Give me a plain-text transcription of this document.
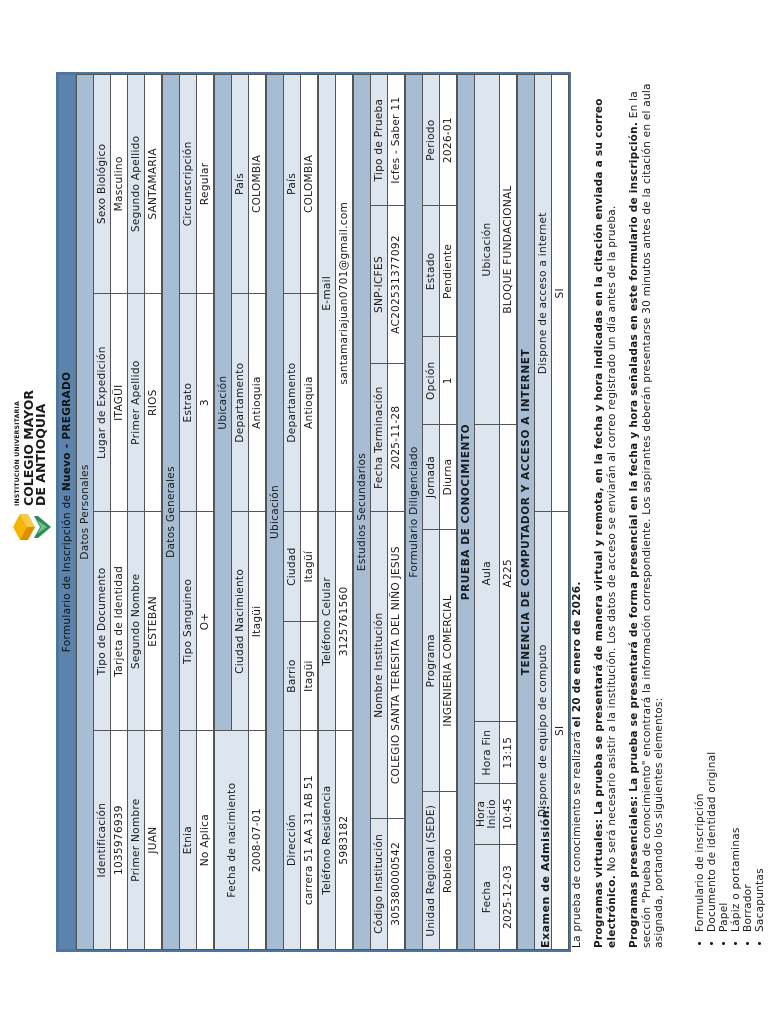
INSTITUCIÓN UNIVERSITARIA COLEGIO MAYOR
DE ANTIOQUIA
Formulario de Inscripción de Nuevo - PREGRADO
Datos Personales			
Identificación	Tipo de Documento	Lugar de Expedición	Sexo Biológico
1035976939	Tarjeta de Identidad	ITAGÜI	Masculino
Primer Nombre	Segundo Nombre	Primer Apellido	Segundo Apellido
JUAN	ESTEBAN	RIOS	SANTAMARIA
Datos Generales			
Etnia	Tipo Sanguineo	Estrato	Circunscripción
No Aplica	O+	3	Regular
Fecha de nacimiento	Ubicación		
	Ciudad Nacimiento	Departamento	País
2008-07-01	Itagüi	Antioquia	COLOMBIA
Ubicación				
Dirección	Barrio	Ciudad	Departamento	País
carrera 51 AA 31 AB 51	Itagüi	Itagüí	Antioquia	COLOMBIA
Teléfono Residencia	Teléfono Celular	E-mail
5983182	3125761560	santamariajuan0701@gmail.com
Estudios Secundarios				
Código Institución	Nombre Institución	Fecha Terminación	SNP-ICFES	Tipo de Prueba
305380000542	COLEGIO SANTA TERESITA DEL NIÑO JESUS	2025-11-28	AC202531377092	Icfes - Saber 11
Formulario Diligenciado					
Unidad Regional (SEDE)	Programa	Jornada	Opción	Estado	Periodo
Robledo	INGENIERIA COMERCIAL	Diurna	1	Pendiente	2026-01
PRUEBA DE CONOCIMIENTO				
Fecha	Hora Inicio	Hora Fin	Aula	Ubicación
2025-12-03	10:45	13:15	A225	BLOQUE FUNDACIONAL
TENENCIA DE COMPUTADOR Y ACCESO A INTERNET	
Dispone de equipo de computo	Dispone de acceso a internet
SI	SI
Examen de Admisión: La prueba de conocimiento se realizará el 20 de enero de 2026. Programas virtuales: La prueba se presentará de manera virtual y remota, en la fecha y hora indicadas en la citación enviada a su correo electrónico. No será necesario asistir a la institución. Los datos de acceso se enviarán al correo registrado un día antes de la prueba. Programas presenciales: La prueba se presentará de forma presencial en la fecha y hora señaladas en este formulario de inscripción. En la sección "Prueba de conocimiento" encontrará la información correspondiente. Los aspirantes deberán presentarse 30 minutos antes de la citación en el aula asignada, portando los siguientes elementos:	• Formulario de inscripción • Documento de identidad original • Papel • Lápiz o portaminas • Borrador • Sacapuntas
